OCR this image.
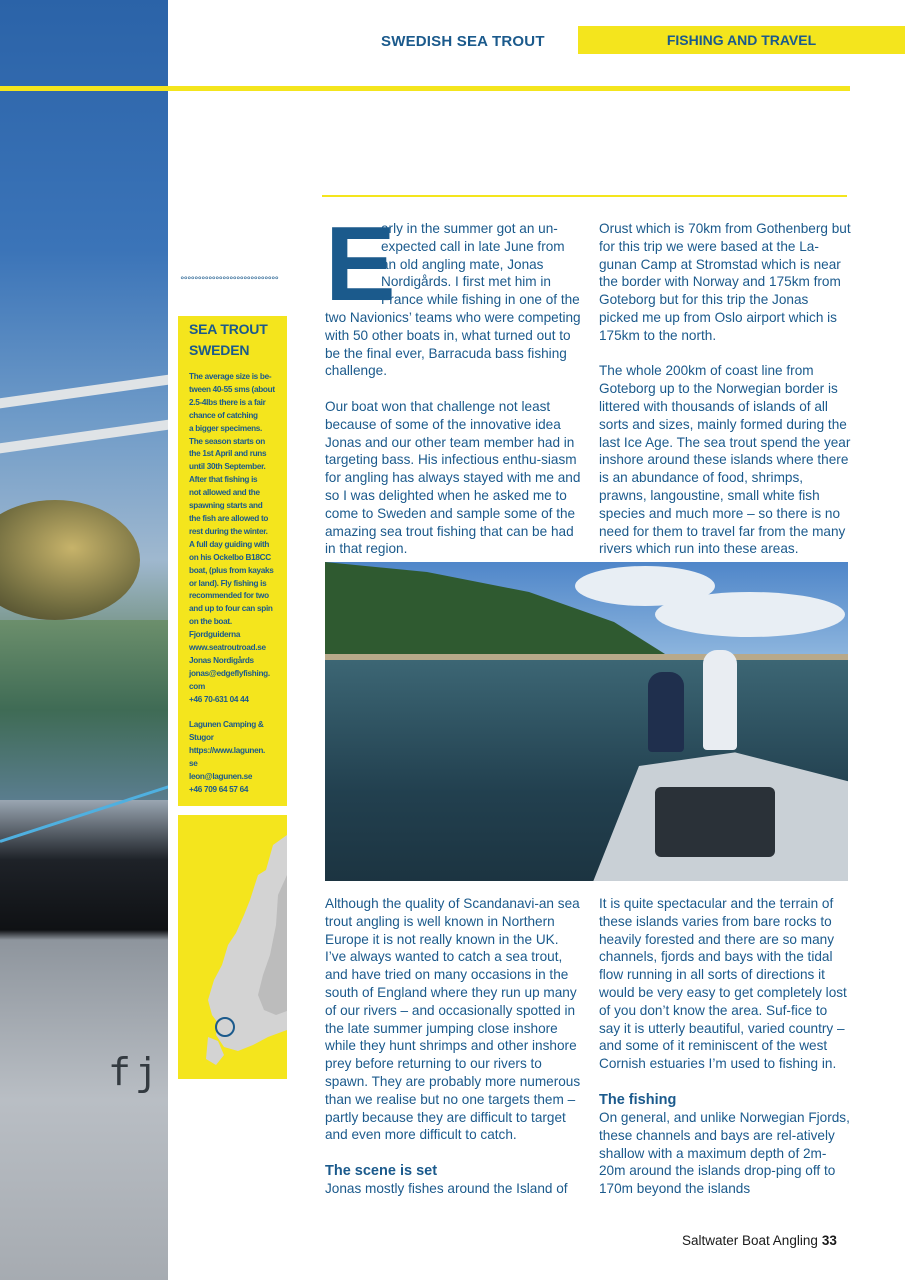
fj
SWEDISH SEA TROUT	FISHING AND TRAVEL
°°°°°°°°°°°°°°°°°°°°°°°°°°°°
SEA TROUT
SWEDEN
The average size is be-
tween 40-55 sms (about
2.5-4lbs there is a fair
chance of catching
a bigger specimens.
The season starts on
the 1st April and runs
until 30th September.
After that fishing is
not allowed and the
spawning starts and
the fish are allowed to
rest during the winter.
A full day guiding with
on his Ockelbo B18CC
boat, (plus from kayaks
or land). Fly fishing is
recommended for two
and up to four can spin
on the boat.
Fjordguiderna
www.seatroutroad.se
Jonas Nordigårds
jonas@edgeflyfishing.
com
+46 70-631 04 44

Lagunen Camping &
Stugor
https://www.lagunen.
se
leon@lagunen.se
+46 709 64 57 64

E
arly in the summer got an un-expected call in late June from an old angling mate, Jonas Nordigårds. I first met him in France while fishing in one of the two Navionics’ teams who were competing with 50 other boats in, what turned out to be the final ever, Barracuda bass fishing challenge.

Our boat won that challenge not least because of some of the innovative idea Jonas and our other team member had in targeting bass. His infectious enthu-siasm for angling has always stayed with me and so I was delighted when he asked me to come to Sweden and sample some of the amazing sea trout fishing that can be had in that region.

Orust which is 70km from Gothenberg but for this trip we were based at the La-gunan Camp at Stromstad which is near the border with Norway and 175km from Goteborg but for this trip the Jonas picked me up from Oslo airport which is 175km to the north.

The whole 200km of coast line from Goteborg up to the Norwegian border is littered with thousands of islands of all sorts and sizes, mainly formed during the last Ice Age. The sea trout spend the year inshore around these islands where there is an abundance of food, shrimps, prawns, langoustine, small white fish species and much more – so there is no need for them to travel far from the many rivers which run into these areas.

Although the quality of Scandanavi-an sea trout angling is well known in Northern Europe it is not really known in the UK. I’ve always wanted to catch a sea trout, and have tried on many occasions in the south of England where they run up many of our rivers – and occasionally spotted in the late summer jumping close inshore while they hunt shrimps and other inshore prey before returning to our rivers to spawn. They are probably more numerous than we realise but no one targets them – partly because they are difficult to target and even more difficult to catch.

The scene is set
Jonas mostly fishes around the Island of

It is quite spectacular and the terrain of these islands varies from bare rocks to heavily forested and there are so many channels, fjords and bays with the tidal flow running in all sorts of directions it would be very easy to get completely lost of you don’t know the area. Suf-fice to say it is utterly beautiful, varied country – and some of it reminiscent of the west Cornish estuaries I’m used to fishing in.

The fishing
On general, and unlike Norwegian Fjords, these channels and bays are rel-atively shallow with a maximum depth of 2m- 20m around the islands drop-ping off to 170m beyond the islands
Saltwater Boat Angling 33
